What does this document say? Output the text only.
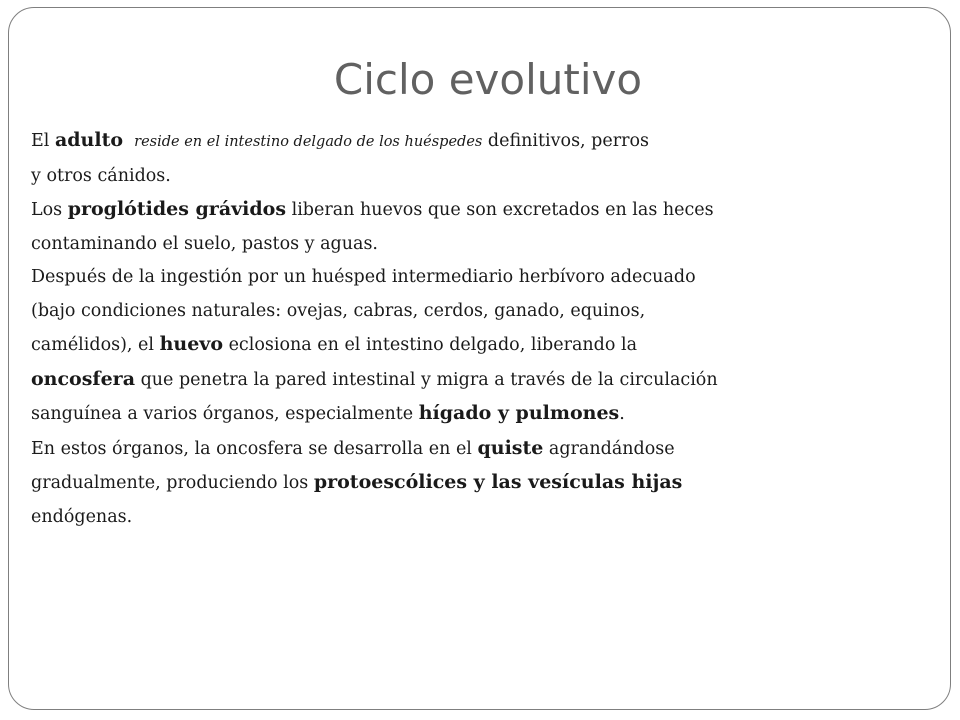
Ciclo evolutivo
El adulto reside en el intestino delgado de los huéspedes definitivos, perros
y otros cánidos.
Los proglótides grávidos liberan huevos que son excretados en las heces
contaminando el suelo, pastos y aguas.
Después de la ingestión por un huésped intermediario herbívoro adecuado
(bajo condiciones naturales: ovejas, cabras, cerdos, ganado, equinos,
camélidos), el huevo eclosiona en el intestino delgado, liberando la
oncosfera que penetra la pared intestinal y migra a través de la circulación
sanguínea a varios órganos, especialmente hígado y pulmones.
En estos órganos, la oncosfera se desarrolla en el quiste agrandándose
gradualmente, produciendo los protoescólices y las vesículas hijas
endógenas.
